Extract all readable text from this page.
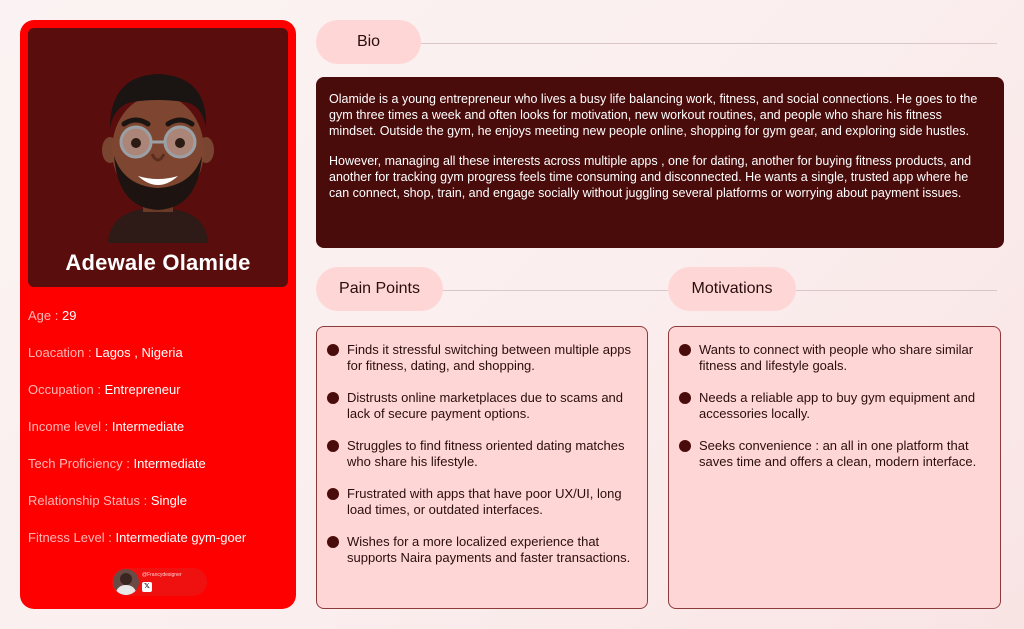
Adewale Olamide
Age : 29
Loacation : Lagos , Nigeria
Occupation : Entrepreneur
Income level : Intermediate
Tech Proficiency : Intermediate
Relationship Status : Single
Fitness Level : Intermediate gym-goer
@Francydesigner
𝕏
Bio

Olamide is a young entrepreneur who lives a busy life balancing work, fitness, and social connections. He goes to the gym three times a week and often looks for motivation, new workout routines, and people who share his fitness mindset. Outside the gym, he enjoys meeting new people online, shopping for gym gear, and exploring side hustles.

However, managing all these interests across multiple apps , one for dating, another for buying fitness products, and another for tracking gym progress feels time consuming and disconnected. He wants a single, trusted app where he can connect, shop, train, and engage socially without juggling several platforms or worrying about payment issues.

Pain Points
Finds it stressful switching between multiple apps for fitness, dating, and shopping.
Distrusts online marketplaces due to scams and lack of secure payment options.
Struggles to find fitness oriented dating matches who share his lifestyle.
Frustrated with apps that have poor UX/UI, long load times, or outdated interfaces.
Wishes for a more localized experience that supports Naira payments and faster transactions.
Motivations
Wants to connect with people who share similar fitness and lifestyle goals.
Needs a reliable app to buy gym equipment and accessories locally.
Seeks convenience : an all in one platform that saves time and offers a clean, modern interface.
